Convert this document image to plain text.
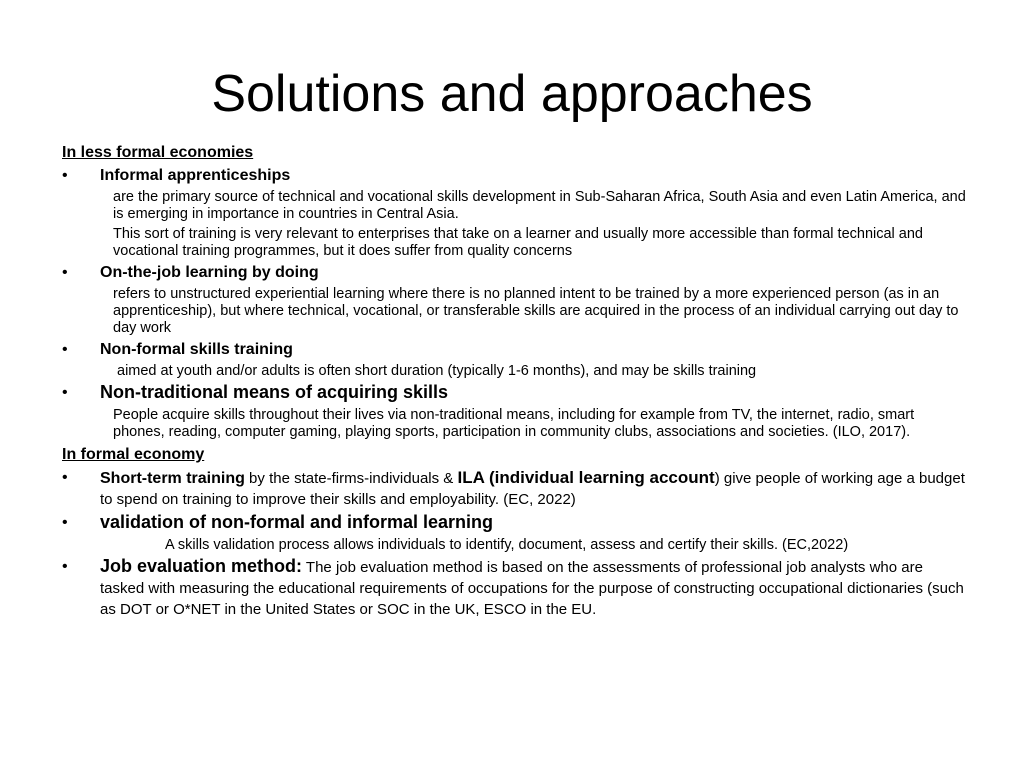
Solutions and approaches
In less formal economies
• Informal apprenticeships
are the primary source of technical and vocational skills development in Sub-Saharan Africa, South Asia and even Latin America, and is emerging in importance in countries in Central Asia.
This sort of training is very relevant to enterprises that take on a learner and usually more accessible than formal technical and vocational training programmes, but it does suffer from quality concerns
• On-the-job learning by doing
refers to unstructured experiential learning where there is no planned intent to be trained by a more experienced person (as in an apprenticeship), but where technical, vocational, or transferable skills are acquired in the process of an individual carrying out day to day work
• Non-formal skills training
aimed at youth and/or adults is often short duration (typically 1-6 months), and may be skills training
• Non-traditional means of acquiring skills
People acquire skills throughout their lives via non-traditional means, including for example from TV, the internet, radio, smart phones, reading, computer gaming, playing sports, participation in community clubs, associations and societies. (ILO, 2017).
In formal economy
• Short-term training by the state-firms-individuals & ILA (individual learning account) give people of working age a budget to spend on training to improve their skills and employability. (EC, 2022)
• validation of non-formal and informal learning
A skills validation process allows individuals to identify, document, assess and certify their skills. (EC,2022)
• Job evaluation method: The job evaluation method is based on the assessments of professional job analysts who are tasked with measuring the educational requirements of occupations for the purpose of constructing occupational dictionaries (such as DOT or O*NET in the United States or SOC in the UK, ESCO in the EU.
